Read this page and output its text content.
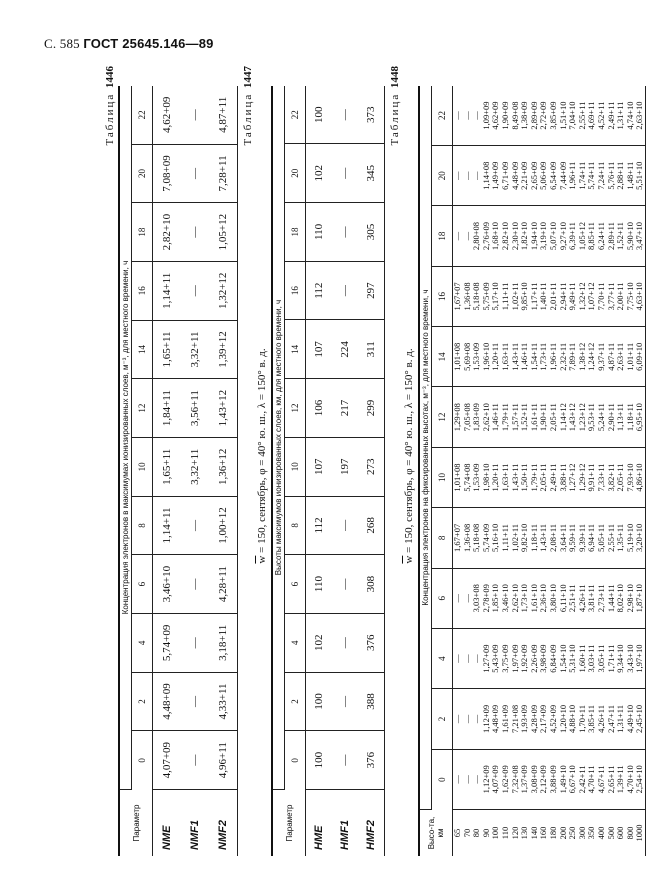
С. 585 ГОСТ 25645.146—89
Таблица 1446
Параметр	Концентрация электронов в максимумах ионизированных слоев, м⁻³, для местного времени, ч											
	0	2	4	6	8	10	12	14	16	18	20	22
NME	4,07+09	4,48+09	5,74+09	3,46+10	1,14+11	1,65+11	1,84+11	1,65+11	1,14+11	2,82+10	7,08+09	4,62+09
NMF1	—	—	—	—	—	3,32+11	3,56+11	3,32+11	—	—	—	—
NMF2	4,96+11	4,33+11	3,18+11	4,28+11	1,00+12	1,36+12	1,43+12	1,39+12	1,32+12	1,05+12	7,28+11	4,87+11 Таблица 1447
$\overline{w} = 150$, сентябрь, φ = 40° ю. ш., λ = 150° в. д.
Параметр	Высоты максимумов ионизированных слоев, км, для местного времени, ч											
	0	2	4	6	8	10	12	14	16	18	20	22
HME	100	100	102	110	112	107	106	107	112	110	102	100
HMF1	—	—	—	—	—	197	217	224	—	—	—	—
HMF2	376	388	376	308	268	273	299	311	297	305	345	373 Таблица 1448
$\overline{w} = 150$, сентябрь, φ = 40° ю. ш., λ = 150° в. д.
Высо-та, км	Концентрация электронов на фиксированных высотах, м⁻³, для местного времени, ч											
	0	2	4	6	8	10	12	14	16	18	20	22
65	—	—	—	—	1,67+07	1,01+08	1,29+08	1,01+08	1,67+07	—	—	—
70	—	—	—	—	1,36+08	5,74+08	7,05+08	5,69+08	1,36+08	—	—	—
80	—	—	—	3,03+08	5,18+08	1,53+09	1,83+09	1,53+09	5,18+08	2,80+08	—	—
90	1,12+09	1,12+09	1,27+09	2,78+09	5,74+09	1,98+10	2,62+10	1,96+10	5,75+09	2,76+09	1,14+08	1,09+09
100	4,07+09	4,48+09	5,43+09	1,85+10	5,16+10	1,20+11	1,46+11	1,20+11	5,17+10	1,68+10	1,49+09	4,62+09
110	1,62+09	1,61+09	3,75+09	3,46+10	1,11+11	1,63+11	1,79+11	1,63+11	1,11+11	2,82+10	6,71+09	1,90+09
120	7,32+08	7,21+08	1,97+09	2,62+10	1,02+11	1,43+11	1,57+11	1,43+11	1,02+11	2,30+10	4,48+09	8,49+08
130	1,37+09	1,93+09	1,92+09	1,73+10	9,82+10	1,50+11	1,52+11	1,46+11	9,85+10	1,82+10	2,21+09	1,38+09
140	3,08+09	4,28+09	2,26+09	1,61+10	1,18+11	1,79+11	1,61+11	1,54+11	1,17+11	1,94+10	2,65+09	2,89+09
160	2,12+09	2,17+09	3,98+09	2,36+10	1,43+11	2,05+11	1,90+11	1,73+11	1,40+11	3,19+10	5,06+09	2,72+09
180	3,88+09	4,52+09	6,84+09	3,80+10	2,08+11	2,49+11	2,05+11	1,96+11	2,01+11	5,07+10	6,54+09	3,85+09
200	1,49+10	1,20+10	1,54+10	6,11+10	3,64+11	3,88+11	1,14+12	2,32+11	2,94+11	9,27+10	7,44+09	1,51+10
250	6,67+10	4,88+10	5,31+10	2,51+11	9,59+11	1,27+12	1,43+12	7,89+11	9,49+11	6,39+11	1,96+11	7,04+10
300	2,42+11	1,70+11	1,60+11	4,26+11	9,39+11	1,29+12	1,23+12	1,38+12	1,32+12	1,05+12	1,74+11	2,55+11
350	4,70+11	3,85+11	3,03+11	3,81+11	6,94+11	9,91+11	9,53+11	1,24+12	1,07+12	8,85+11	5,74+11	4,69+11
400	4,67+11	4,26+11	3,05+11	2,73+11	5,05+11	7,33+11	5,24+11	9,37+11	7,70+11	6,24+11	7,24+11	4,52+11
500	2,65+11	2,47+11	1,71+11	1,44+11	2,55+11	3,82+11	2,90+11	4,87+11	3,77+11	2,89+11	5,76+11	2,49+11
600	1,39+11	1,31+11	9,34+10	8,02+10	1,35+11	2,05+11	1,13+11	2,63+11	2,00+11	1,52+11	2,88+11	1,31+11
800	4,70+10	4,49+10	3,43+10	2,98+10	5,19+10	7,93+10	1,18+11	1,01+11	7,75+10	5,90+10	1,48+11	4,74+10
1000	2,54+10	2,45+10	1,97+10	1,87+10	3,20+10	4,86+10	6,95+10	6,09+10	4,63+10	3,47+10	5,51+10	2,63+10
